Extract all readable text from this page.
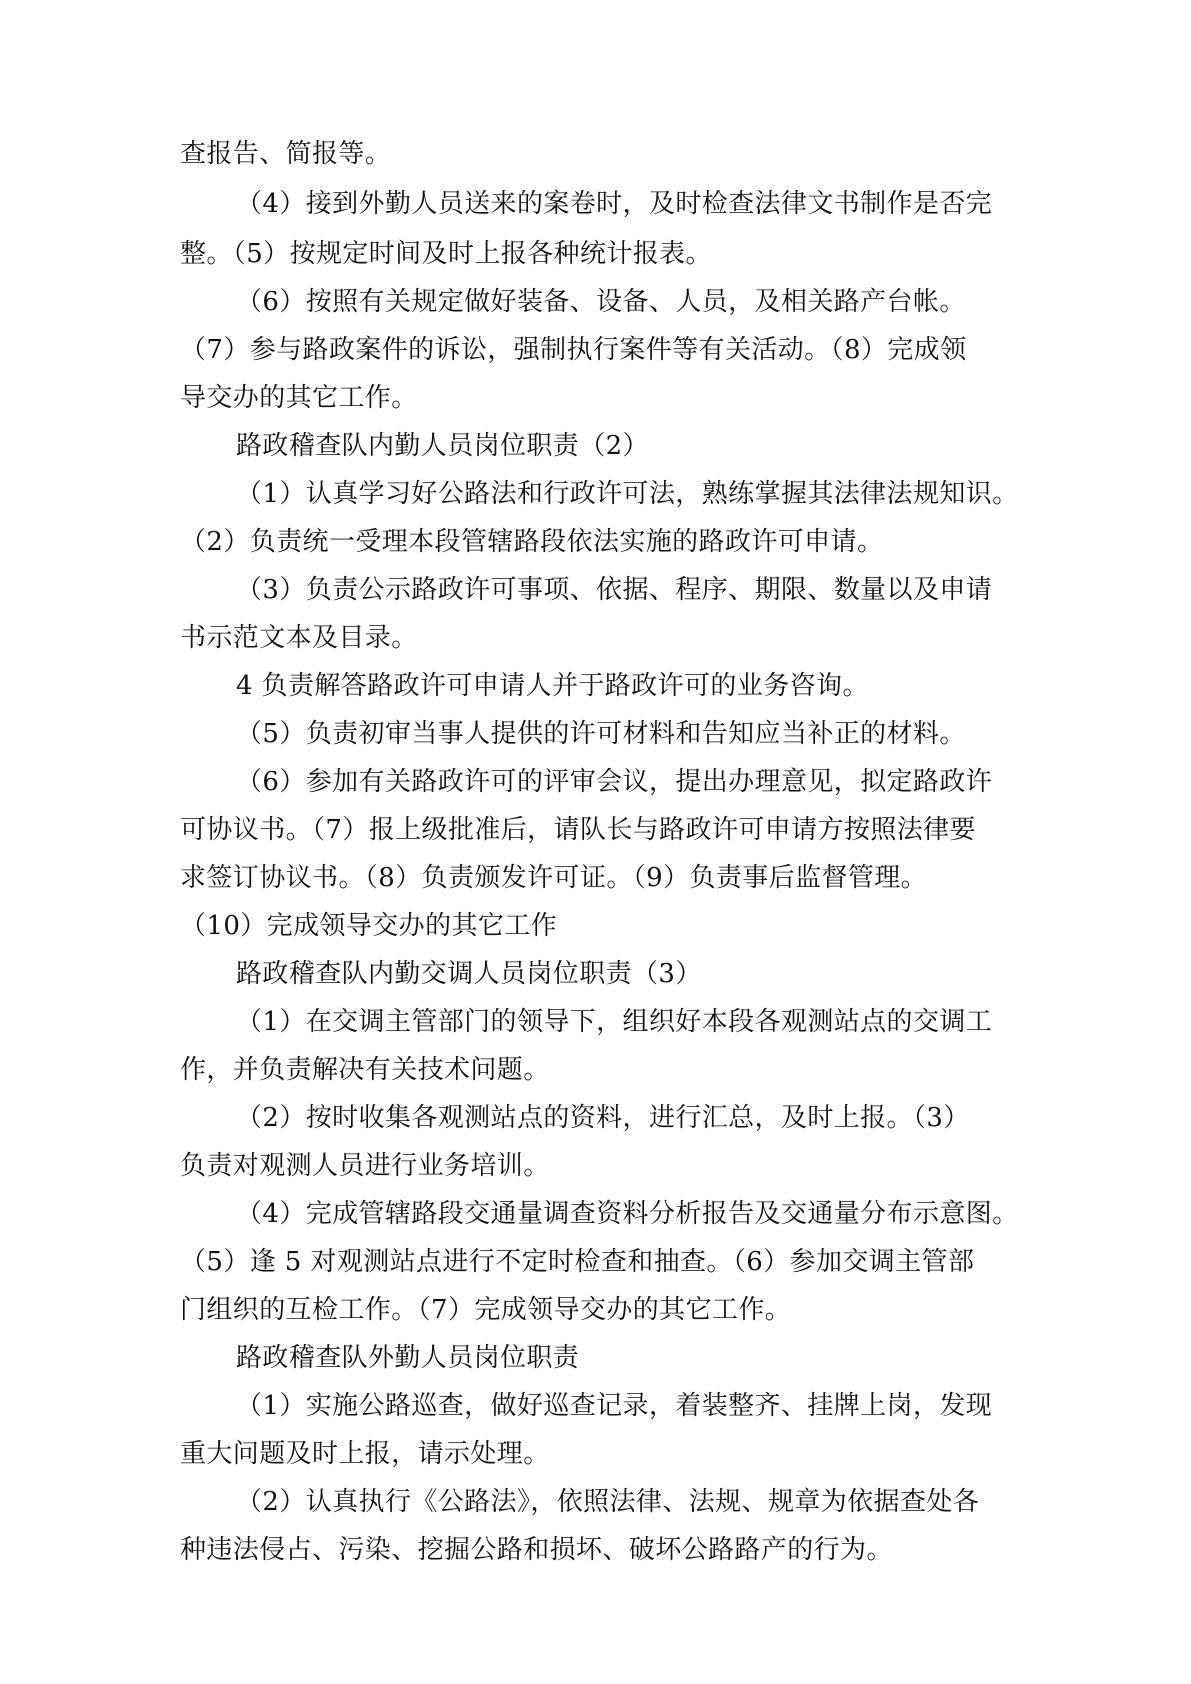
查报告、简报等。
（4）接到外勤人员送来的案卷时，及时检查法律文书制作是否完
整。（5）按规定时间及时上报各种统计报表。
（6）按照有关规定做好装备、设备、人员，及相关路产台帐。
（7）参与路政案件的诉讼，强制执行案件等有关活动。（8）完成领
导交办的其它工作。
路政稽查队内勤人员岗位职责（2）
（1）认真学习好公路法和行政许可法，熟练掌握其法律法规知识。
（2）负责统一受理本段管辖路段依法实施的路政许可申请。
（3）负责公示路政许可事项、依据、程序、期限、数量以及申请
书示范文本及目录。
4 负责解答路政许可申请人并于路政许可的业务咨询。
（5）负责初审当事人提供的许可材料和告知应当补正的材料。
（6）参加有关路政许可的评审会议，提出办理意见，拟定路政许
可协议书。（7）报上级批准后，请队长与路政许可申请方按照法律要
求签订协议书。（8）负责颁发许可证。（9）负责事后监督管理。
（10）完成领导交办的其它工作
路政稽查队内勤交调人员岗位职责（3）
（1）在交调主管部门的领导下，组织好本段各观测站点的交调工
作，并负责解决有关技术问题。
（2）按时收集各观测站点的资料，进行汇总，及时上报。（3）
负责对观测人员进行业务培训。
（4）完成管辖路段交通量调查资料分析报告及交通量分布示意图。
（5）逢 5 对观测站点进行不定时检查和抽查。（6）参加交调主管部
门组织的互检工作。（7）完成领导交办的其它工作。
路政稽查队外勤人员岗位职责
（1）实施公路巡查，做好巡查记录，着装整齐、挂牌上岗，发现
重大问题及时上报，请示处理。
（2）认真执行《公路法》，依照法律、法规、规章为依据查处各
种违法侵占、污染、挖掘公路和损坏、破坏公路路产的行为。
